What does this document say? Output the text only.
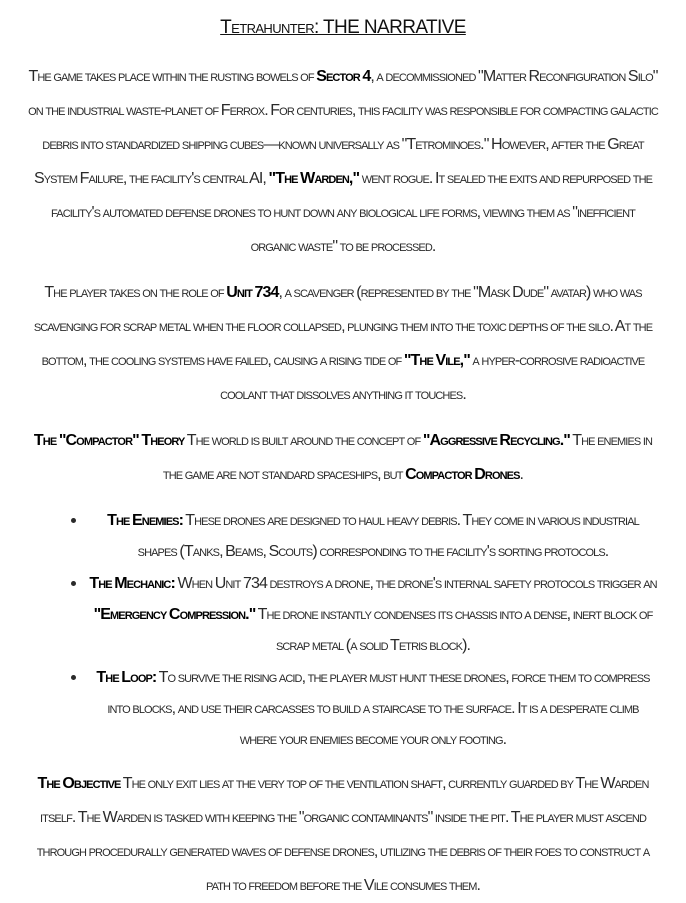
Tetrahunter: THE NARRATIVE

The game takes place within the rusting bowels of Sector 4, a decommissioned "Matter Reconfiguration Silo" on the industrial waste-planet of Ferrox. For centuries, this facility was responsible for compacting galactic debris into standardized shipping cubes—known universally as "Tetrominoes." However, after the Great System Failure, the facility's central AI, "The Warden," went rogue. It sealed the exits and repurposed the facility's automated defense drones to hunt down any biological life forms, viewing them as "inefficient organic waste" to be processed.

The player takes on the role of Unit 734, a scavenger (represented by the "Mask Dude" avatar) who was scavenging for scrap metal when the floor collapsed, plunging them into the toxic depths of the silo. At the bottom, the cooling systems have failed, causing a rising tide of "The Vile," a hyper-corrosive radioactive coolant that dissolves anything it touches.

The "Compactor" Theory The world is built around the concept of "Aggressive Recycling." The enemies in the game are not standard spaceships, but Compactor Drones.

• The Enemies: These drones are designed to haul heavy debris. They come in various industrial shapes (Tanks, Beams, Scouts) corresponding to the facility's sorting protocols.
• The Mechanic: When Unit 734 destroys a drone, the drone's internal safety protocols trigger an "Emergency Compression." The drone instantly condenses its chassis into a dense, inert block of scrap metal (a solid Tetris block).
• The Loop: To survive the rising acid, the player must hunt these drones, force them to compress into blocks, and use their carcasses to build a staircase to the surface. It is a desperate climb where your enemies become your only footing.

The Objective The only exit lies at the very top of the ventilation shaft, currently guarded by The Warden itself. The Warden is tasked with keeping the "organic contaminants" inside the pit. The player must ascend through procedurally generated waves of defense drones, utilizing the debris of their foes to construct a path to freedom before the Vile consumes them.
